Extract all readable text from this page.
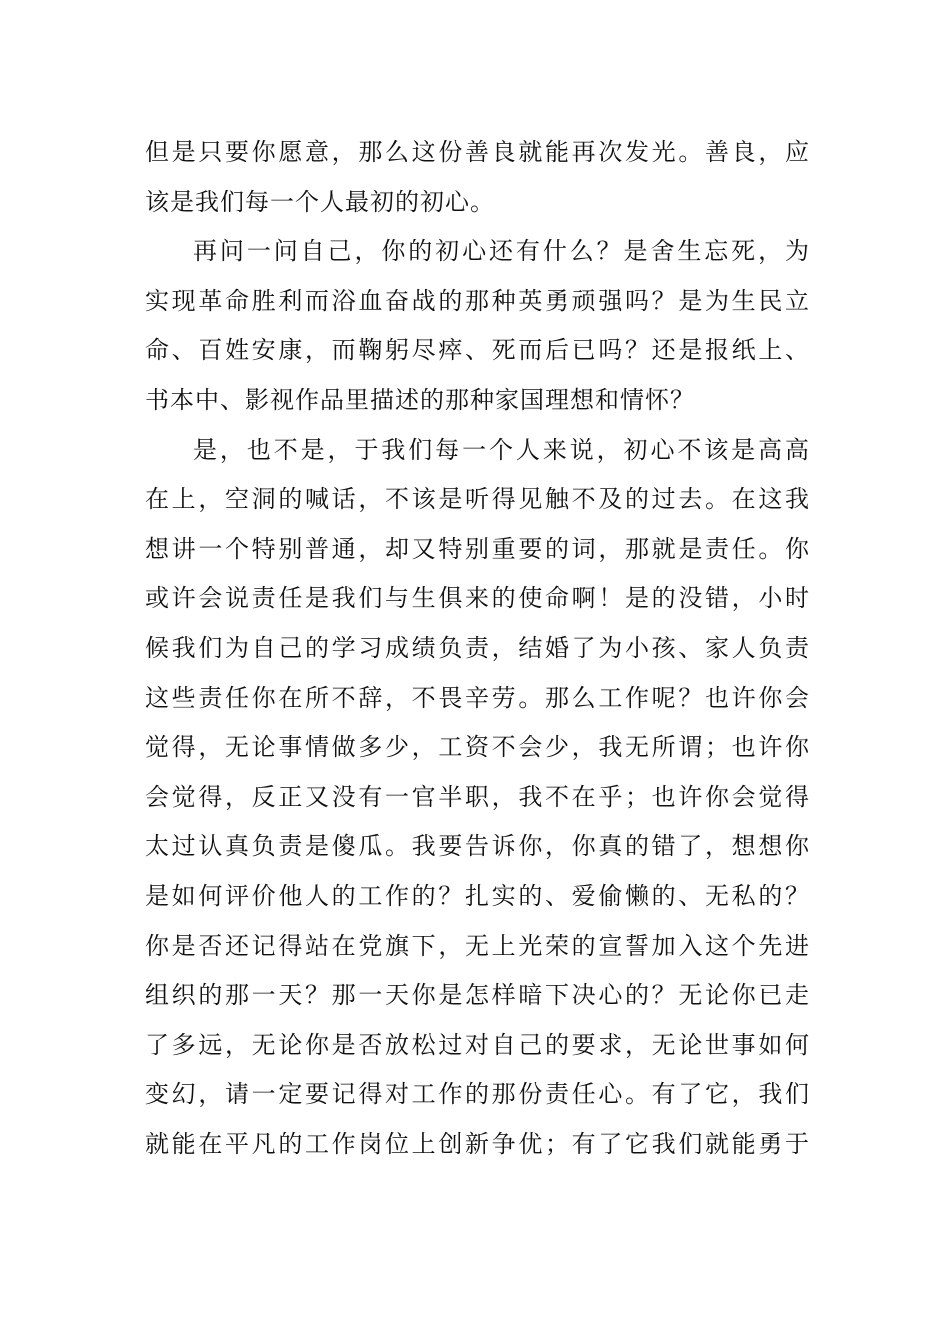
但是只要你愿意，那么这份善良就能再次发光。善良，应
该是我们每一个人最初的初心。
再问一问自己，你的初心还有什么？是舍生忘死，为
实现革命胜利而浴血奋战的那种英勇顽强吗？是为生民立
命、百姓安康，而鞠躬尽瘁、死而后已吗？还是报纸上、
书本中、影视作品里描述的那种家国理想和情怀？
是，也不是，于我们每一个人来说，初心不该是高高
在上，空洞的喊话，不该是听得见触不及的过去。在这我
想讲一个特别普通，却又特别重要的词，那就是责任。你
或许会说责任是我们与生俱来的使命啊！是的没错，小时
候我们为自己的学习成绩负责，结婚了为小孩、家人负责
这些责任你在所不辞，不畏辛劳。那么工作呢？也许你会
觉得，无论事情做多少，工资不会少，我无所谓；也许你
会觉得，反正又没有一官半职，我不在乎；也许你会觉得
太过认真负责是傻瓜。我要告诉你，你真的错了，想想你
是如何评价他人的工作的？扎实的、爱偷懒的、无私的？
你是否还记得站在党旗下，无上光荣的宣誓加入这个先进
组织的那一天？那一天你是怎样暗下决心的？无论你已走
了多远，无论你是否放松过对自己的要求，无论世事如何
变幻，请一定要记得对工作的那份责任心。有了它，我们
就能在平凡的工作岗位上创新争优；有了它我们就能勇于
